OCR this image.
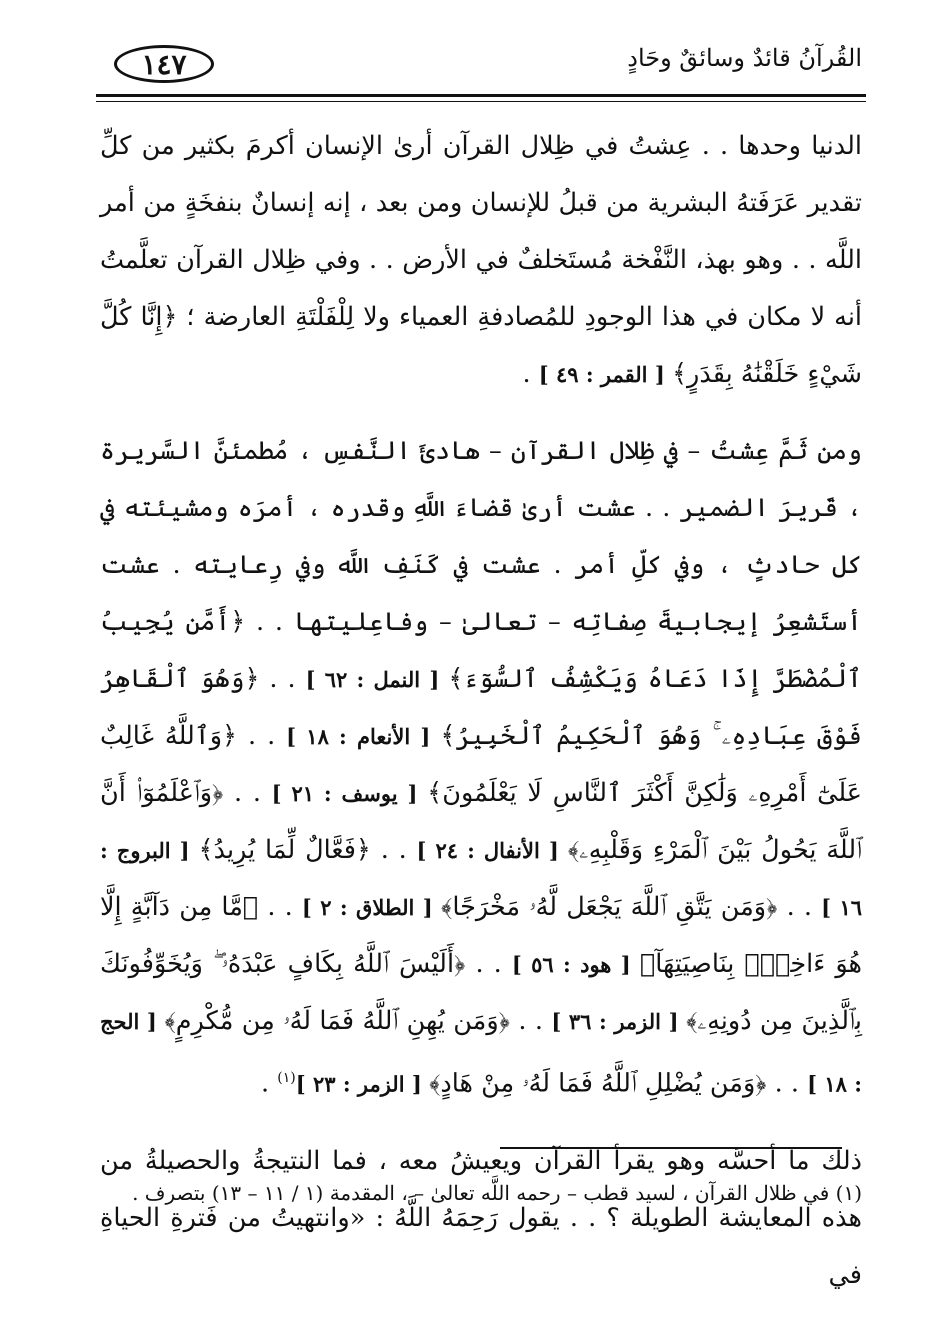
١٤٧	القُرآنُ قائدٌ وسائقٌ وحَادٍ

الدنيا وحدها . . عِشتُ في ظِلال القرآن أرىٰ الإنسان أكرمَ بكثير من كلِّ تقدير عَرَفَتهُ البشرية من قبلُ للإنسان ومن بعد ، إنه إنسانٌ بنفخَةٍ من أمر اللَّه . . وهو بهذ، النَّفْخة مُستَخلفٌ في الأرض . . وفي ظِلال القرآن تعلَّمتُ أنه لا مكان في هذا الوجودِ للمُصادفةِ العمياء ولا لِلْفَلْتَةِ العارضة ؛ ﴿إِنَّا كُلَّ شَيْءٍ خَلَقْنَٰهُ بِقَدَرٍ﴾ [ القمر : ٤٩ ] .

ومن ثَمَّ عِشتُ – في ظِلال القرآن – هادئَ النَّفسِ ، مُطمئنَّ السَّريرة ، قَريرَ الضمير . . عشت أرىٰ قضاءَ اللَّهِ وقدره ، أمرَه ومشيئته في كل حادثٍ ، وفي كلِّ أمر . عشت في كَنَفِ اللَّه وفي رِعايته . عشت أستَشعِرُ إيجابيةَ صِفاتِه – تعالىٰ – وفاعِليتها . . ﴿أَمَّن يُجِيبُ ٱلْمُضْطَرَّ إِذَا دَعَاهُ وَيَكْشِفُ ٱلسُّوٓءَ﴾ [ النمل : ٦٢ ] . . ﴿وَهُوَ ٱلْقَاهِرُ فَوْقَ عِبَادِهِۦ ۚ وَهُوَ ٱلْحَكِيمُ ٱلْخَبِيرُ﴾ [ الأنعام : ١٨ ] . . ﴿وَٱللَّهُ غَالِبٌ عَلَىٰٓ أَمْرِهِۦ وَلَٰكِنَّ أَكْثَرَ ٱلنَّاسِ لَا يَعْلَمُونَ﴾ [ يوسف : ٢١ ] . . ﴿وَٱعْلَمُوٓا۟ أَنَّ ٱللَّهَ يَحُولُ بَيْنَ ٱلْمَرْءِ وَقَلْبِهِۦ﴾ [ الأنفال : ٢٤ ] . . ﴿فَعَّالٌ لِّمَا يُرِيدُ﴾ [ البروج : ١٦ ] . . ﴿وَمَن يَتَّقِ ٱللَّهَ يَجْعَل لَّهُۥ مَخْرَجًا﴾ [ الطلاق : ٢ ] . . ﴿مَّا مِن دَآبَّةٍ إِلَّا هُوَ ءَاخِذٌۢ بِنَاصِيَتِهَآ﴾ [ هود : ٥٦ ] . . ﴿أَلَيْسَ ٱللَّهُ بِكَافٍ عَبْدَهُۥ ۖ وَيُخَوِّفُونَكَ بِٱلَّذِينَ مِن دُونِهِۦ﴾ [ الزمر : ٣٦ ] . . ﴿وَمَن يُهِنِ ٱللَّهُ فَمَا لَهُۥ مِن مُّكْرِمٍ﴾ [ الحج : ١٨ ] . . ﴿وَمَن يُضْلِلِ ٱللَّهُ فَمَا لَهُۥ مِنْ هَادٍ﴾ [ الزمر : ٢٣ ]$^{(١)}$ .

ذلك ما أحسَّه وهو يقرأ القرآن ويعيشُ معه ، فما النتيجةُ والحصيلةُ من هذه المعايشة الطويلة ؟ . . يقول رَحِمَهُ اللَّهُ : «وانتهيتُ من فَترةِ الحياةِ في

(١) في ظلال القرآن ، لسيد قطب – رحمه اللَّه تعالىٰ – ، المقدمة (١ / ١١ – ١٣) بتصرف .
